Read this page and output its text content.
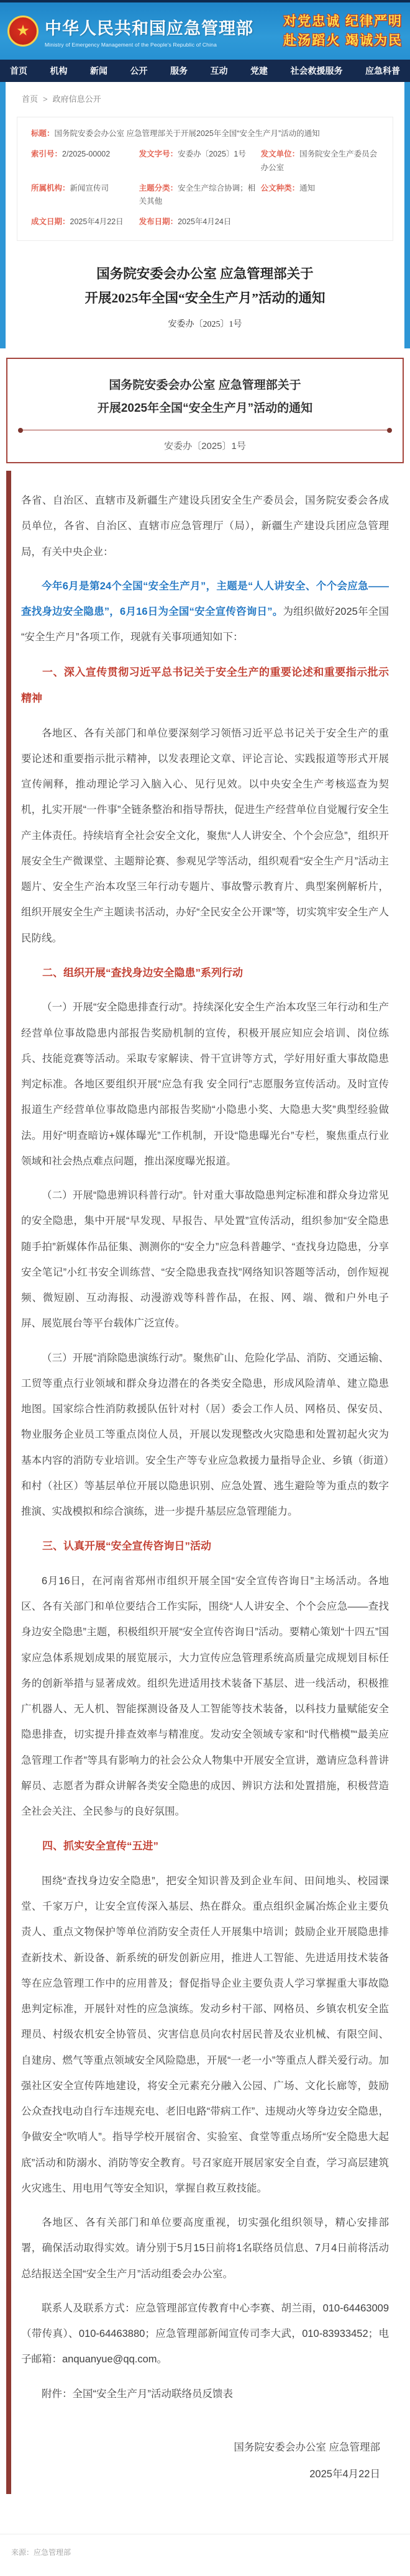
★ 中华人民共和国应急管理部
Ministry of Emergency Management of the People's Republic of China
对党忠诚 纪律严明
赴汤蹈火 竭诚为民
首页	机构	新闻	公开	服务	互动	党建	社会救援服务	应急科普
首页 > 政府信息公开
标题：国务院安委会办公室 应急管理部关于开展2025年全国“安全生产月”活动的通知
索引号：2/2025-00002	发文字号：安委办〔2025〕1号	发文单位：国务院安全生产委员会办公室
所属机构：新闻宣传司	主题分类：安全生产综合协调；相关其他
公文种类：通知
成文日期：2025年4月22日	发布日期：2025年4月24日
国务院安委会办公室 应急管理部关于
开展2025年全国“安全生产月”活动的通知
安委办〔2025〕1号
国务院安委会办公室 应急管理部关于
开展2025年全国“安全生产月”活动的通知
安委办〔2025〕1号

各省、自治区、直辖市及新疆生产建设兵团安全生产委员会，国务院安委会各成员单位，各省、自治区、直辖市应急管理厅（局），新疆生产建设兵团应急管理局，有关中央企业：

今年6月是第24个全国“安全生产月”，主题是“人人讲安全、个个会应急——查找身边安全隐患”，6月16日为全国“安全宣传咨询日”。为组织做好2025年全国“安全生产月”各项工作，现就有关事项通知如下：

一、深入宣传贯彻习近平总书记关于安全生产的重要论述和重要指示批示精神

各地区、各有关部门和单位要深刻学习领悟习近平总书记关于安全生产的重要论述和重要指示批示精神，以发表理论文章、评论言论、实践报道等形式开展宣传阐释，推动理论学习入脑入心、见行见效。以中央安全生产考核巡查为契机，扎实开展“一件事”全链条整治和指导帮扶，促进生产经营单位自觉履行安全生产主体责任。持续培育全社会安全文化，聚焦“人人讲安全、个个会应急”，组织开展安全生产微课堂、主题辩论赛、参观见学等活动，组织观看“安全生产月”活动主题片、安全生产治本攻坚三年行动专题片、事故警示教育片、典型案例解析片，组织开展安全生产主题读书活动，办好“全民安全公开课”等，切实筑牢安全生产人民防线。

二、组织开展“查找身边安全隐患”系列行动

（一）开展“安全隐患排查行动”。持续深化安全生产治本攻坚三年行动和生产经营单位事故隐患内部报告奖励机制的宣传，积极开展应知应会培训、岗位练兵、技能竞赛等活动。采取专家解读、骨干宣讲等方式，学好用好重大事故隐患判定标准。各地区要组织开展“应急有我 安全同行”志愿服务宣传活动。及时宣传报道生产经营单位事故隐患内部报告奖励“小隐患小奖、大隐患大奖”典型经验做法。用好“明查暗访+媒体曝光”工作机制，开设“隐患曝光台”专栏，聚焦重点行业领域和社会热点难点问题，推出深度曝光报道。

（二）开展“隐患辨识科普行动”。针对重大事故隐患判定标准和群众身边常见的安全隐患，集中开展“早发现、早报告、早处置”宣传活动，组织参加“安全隐患随手拍”新媒体作品征集、测测你的“安全力”应急科普趣学、“查找身边隐患，分享安全笔记”小红书安全训练营、“安全隐患我查找”网络知识答题等活动，创作短视频、微短剧、互动海报、动漫游戏等科普作品，在报、网、端、微和户外电子屏、展览展台等平台载体广泛宣传。

（三）开展“消除隐患演练行动”。聚焦矿山、危险化学品、消防、交通运输、工贸等重点行业领域和群众身边潜在的各类安全隐患，形成风险清单、建立隐患地图。国家综合性消防救援队伍针对村（居）委会工作人员、网格员、保安员、物业服务企业员工等重点岗位人员，开展以发现整改火灾隐患和处置初起火灾为基本内容的消防专业培训。安全生产等专业应急救援力量指导企业、乡镇（街道）和村（社区）等基层单位开展以隐患识别、应急处置、逃生避险等为重点的数字推演、实战模拟和综合演练，进一步提升基层应急管理能力。

三、认真开展“安全宣传咨询日”活动

6月16日，在河南省郑州市组织开展全国“安全宣传咨询日”主场活动。各地区、各有关部门和单位要结合工作实际，围绕“人人讲安全、个个会应急——查找身边安全隐患”主题，积极组织开展“安全宣传咨询日”活动。要精心策划“十四五”国家应急体系规划成果的展览展示，大力宣传应急管理系统高质量完成规划目标任务的创新举措与显著成效。组织先进适用技术装备下基层、进一线活动，积极推广机器人、无人机、智能探测设备及人工智能等技术装备，以科技力量赋能安全隐患排查，切实提升排查效率与精准度。发动安全领域专家和“时代楷模”“最美应急管理工作者”等具有影响力的社会公众人物集中开展安全宣讲，邀请应急科普讲解员、志愿者为群众讲解各类安全隐患的成因、辨识方法和处置措施，积极营造全社会关注、全民参与的良好氛围。

四、抓实安全宣传“五进”

围绕“查找身边安全隐患”，把安全知识普及到企业车间、田间地头、校园课堂、千家万户，让安全宣传深入基层、热在群众。重点组织金属冶炼企业主要负责人、重点文物保护等单位消防安全责任人开展集中培训；鼓励企业开展隐患排查新技术、新设备、新系统的研发创新应用，推进人工智能、先进适用技术装备等在应急管理工作中的应用普及；督促指导企业主要负责人学习掌握重大事故隐患判定标准，开展针对性的应急演练。发动乡村干部、网格员、乡镇农机安全监理员、村级农机安全协管员、灾害信息员向农村居民普及农业机械、有限空间、自建房、燃气等重点领域安全风险隐患，开展“一老一小”等重点人群关爱行动。加强社区安全宣传阵地建设，将安全元素充分融入公园、广场、文化长廊等，鼓励公众查找电动自行车违规充电、老旧电路“带病工作”、违规动火等身边安全隐患，争做安全“吹哨人”。指导学校开展宿舍、实验室、食堂等重点场所“安全隐患大起底”活动和防溺水、消防等安全教育。号召家庭开展居家安全自查，学习高层建筑火灾逃生、用电用气等安全知识，掌握自救互救技能。

各地区、各有关部门和单位要高度重视，切实强化组织领导，精心安排部署，确保活动取得实效。请分别于5月15日前将1名联络员信息、7月4日前将活动总结报送全国“安全生产月”活动组委会办公室。

联系人及联系方式：应急管理部宣传教育中心李赛、胡兰雨，010-64463009（带传真）、010-64463880；应急管理部新闻宣传司李大武，010-83933452；电子邮箱：anquanyue@qq.com。

附件：全国“安全生产月”活动联络员反馈表

国务院安委会办公室 应急管理部
2025年4月22日
来源：应急管理部
